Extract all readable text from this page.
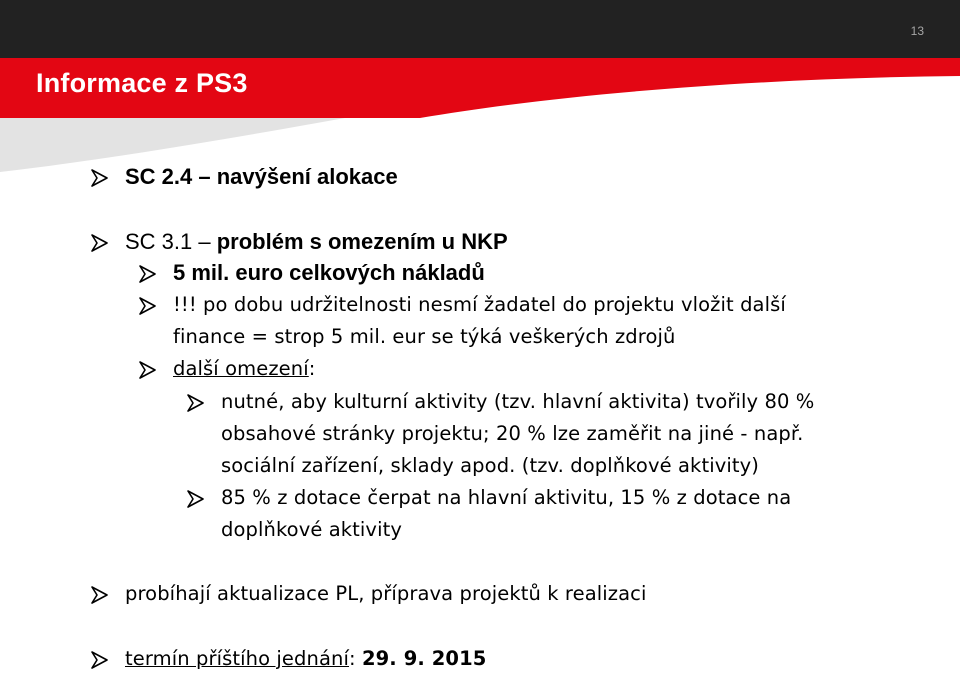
13
Informace z PS3
SC 2.4 – navýšení alokace
SC 3.1 – problém s omezením u NKP
5 mil. euro celkových nákladů
!!! po dobu udržitelnosti nesmí žadatel do projektu vložit další
finance = strop 5 mil. eur se týká veškerých zdrojů
další omezení:
nutné, aby kulturní aktivity (tzv. hlavní aktivita) tvořily 80 %
obsahové stránky projektu; 20 % lze zaměřit na jiné - např.
sociální zařízení, sklady apod. (tzv. doplňkové aktivity)
85 % z dotace čerpat na hlavní aktivitu, 15 % z dotace na
doplňkové aktivity
probíhají aktualizace PL, příprava projektů k realizaci
termín příštího jednání: 29. 9. 2015
